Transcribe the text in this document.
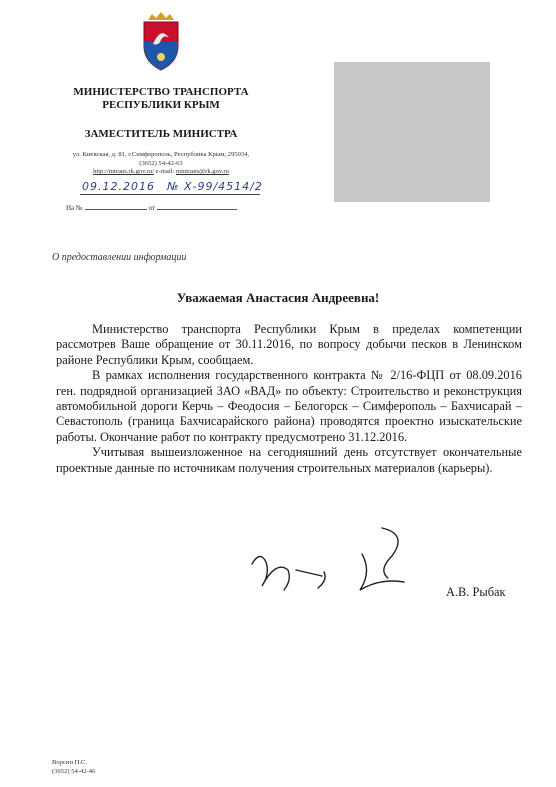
МИНИСТЕРСТВО ТРАНСПОРТА
РЕСПУБЛИКИ КРЫМ
ЗАМЕСТИТЕЛЬ МИНИСТРА
ул. Киевская, д. 81, г.Симферополь, Республика Крым, 295034,
(3652) 54-42-63
http://mtrans.rk.gov.ru/ e-mail: mintrans@rk.gov.ru
09.12.2016 № Х-99/4514/2
На №	от
О предоставлении информации
Уважаемая Анастасия Андреевна!

Министерство транспорта Республики Крым в пределах компетенции рассмотрев Ваше обращение от 30.11.2016, по вопросу добычи песков в Ленинском районе Республики Крым, сообщаем.

В рамках исполнения государственного контракта № 2/16-ФЦП от 08.09.2016 ген. подрядной организацией ЗАО «ВАД» по объекту: Строительство и реконструкция автомобильной дороги Керчь – Феодосия – Белогорск – Симферополь – Бахчисарай – Севастополь (граница Бахчисарайского района) проводятся проектно изыскательские работы. Окончание работ по контракту предусмотрено 31.12.2016.

Учитывая вышеизложенное на сегодняшний день отсутствует окончательные проектные данные по источникам получения строительных материалов (карьеры).

А.В. Рыбак
Ворсин П.С.
(3652) 54-42-46
